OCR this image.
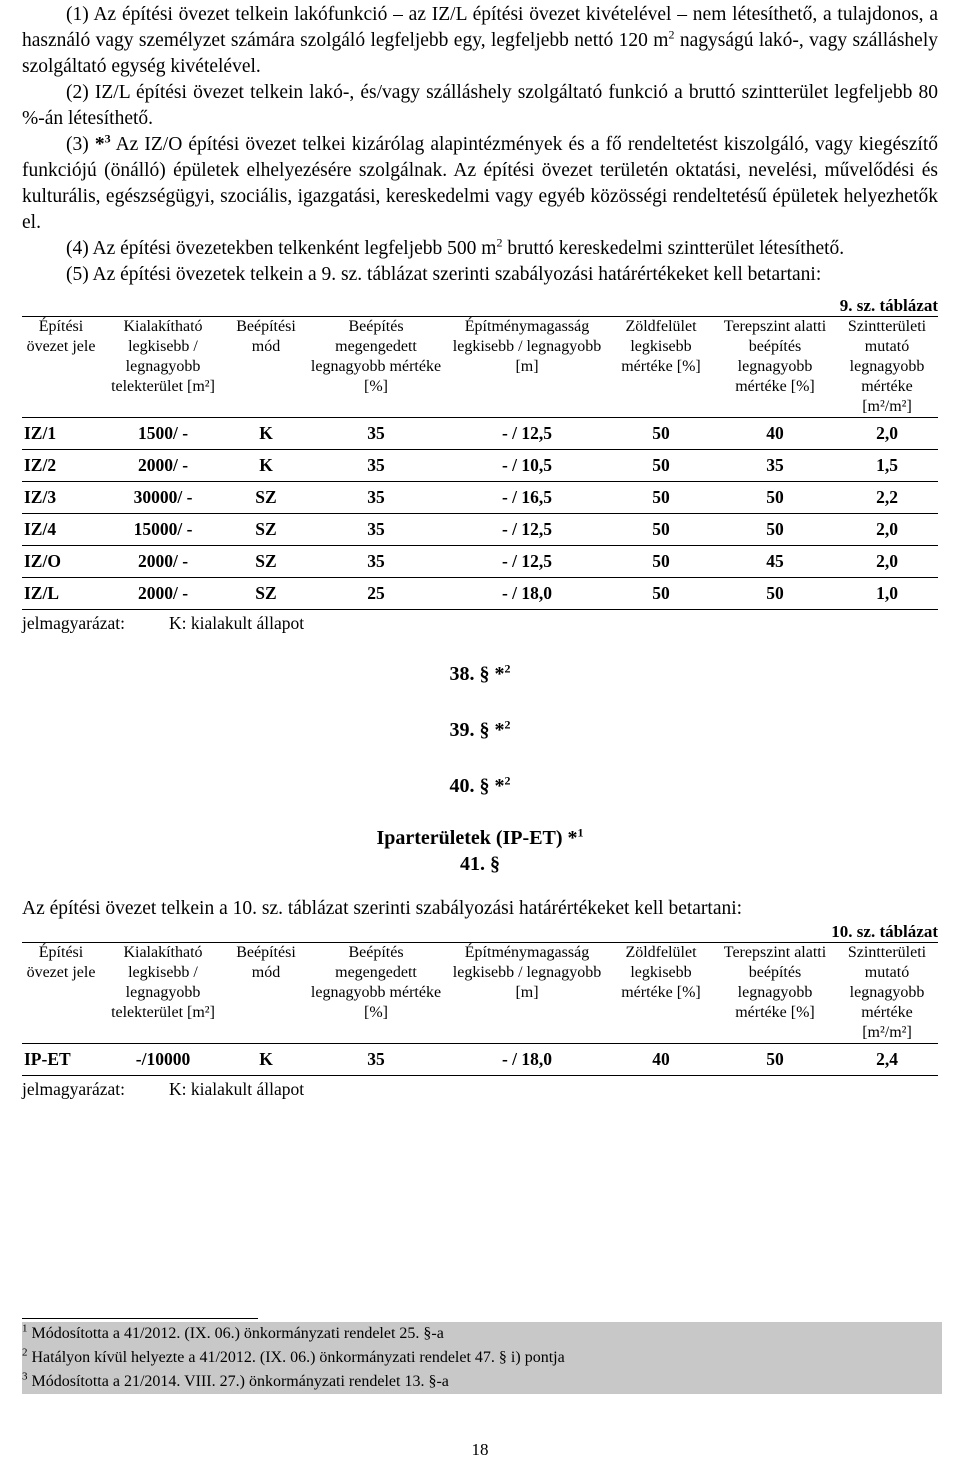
(1) Az építési övezet telkein lakófunkció – az IZ/L építési övezet kivételével – nem létesíthető, a tulajdonos, a használó vagy személyzet számára szolgáló legfeljebb egy, legfeljebb nettó 120 $m^2$ nagyságú lakó-, vagy szálláshely szolgáltató egység kivételével.

(2) IZ/L építési övezet telkein lakó-, és/vagy szálláshely szolgáltató funkció a bruttó szintterület legfeljebb 80 %-án létesíthető.

(3) *$^3$ Az IZ/O építési övezet telkei kizárólag alapintézmények és a fő rendeltetést kiszolgáló, vagy kiegészítő funkciójú (önálló) épületek elhelyezésére szolgálnak. Az építési övezet területén oktatási, nevelési, művelődési és kulturális, egészségügyi, szociális, igazgatási, kereskedelmi vagy egyéb közösségi rendeltetésű épületek helyezhetők el.

(4) Az építési övezetekben telkenként legfeljebb 500 $m^2$ bruttó kereskedelmi szintterület létesíthető.

(5) Az építési övezetek telkein a 9. sz. táblázat szerinti szabályozási határértékeket kell betartani:

9. sz. táblázat
Építési övezet jele	Kialakítható legkisebb / legnagyobb telekterület [m²]	Beépítési mód	Beépítés megengedett legnagyobb mértéke [%]	Építménymagasság legkisebb / legnagyobb [m]	Zöldfelület legkisebb mértéke [%]	Terepszint alatti beépítés legnagyobb mértéke [%]	Szintterületi mutató legnagyobb mértéke [m²/m²]
IZ/1	1500/ -	K	35	- / 12,5	50	40	2,0
IZ/2	2000/ -	K	35	- / 10,5	50	35	1,5
IZ/3	30000/ -	SZ	35	- / 16,5	50	50	2,2
IZ/4	15000/ -	SZ	35	- / 12,5	50	50	2,0
IZ/O	2000/ -	SZ	35	- / 12,5	50	45	2,0
IZ/L	2000/ -	SZ	25	- / 18,0	50	50	1,0
jelmagyarázat:	K: kialakult állapot
38. § *$^2$
39. § *$^2$
40. § *$^2$
Iparterületek (IP-ET) *$^1$
41. §

Az építési övezet telkein a 10. sz. táblázat szerinti szabályozási határértékeket kell betartani:

10. sz. táblázat
Építési övezet jele	Kialakítható legkisebb / legnagyobb telekterület [m²]	Beépítési mód	Beépítés megengedett legnagyobb mértéke [%]	Építménymagasság legkisebb / legnagyobb [m]	Zöldfelület legkisebb mértéke [%]	Terepszint alatti beépítés legnagyobb mértéke [%]	Szintterületi mutató legnagyobb mértéke [m²/m²]
IP-ET	-/10000	K	35	- / 18,0	40	50	2,4
jelmagyarázat:	K: kialakult állapot

$^1$ Módosította a 41/2012. (IX. 06.) önkormányzati rendelet 25. §-a

$^2$ Hatályon kívül helyezte a 41/2012. (IX. 06.) önkormányzati rendelet 47. § i) pontja

$^3$ Módosította a 21/2014. VIII. 27.) önkormányzati rendelet 13. §-a

18
